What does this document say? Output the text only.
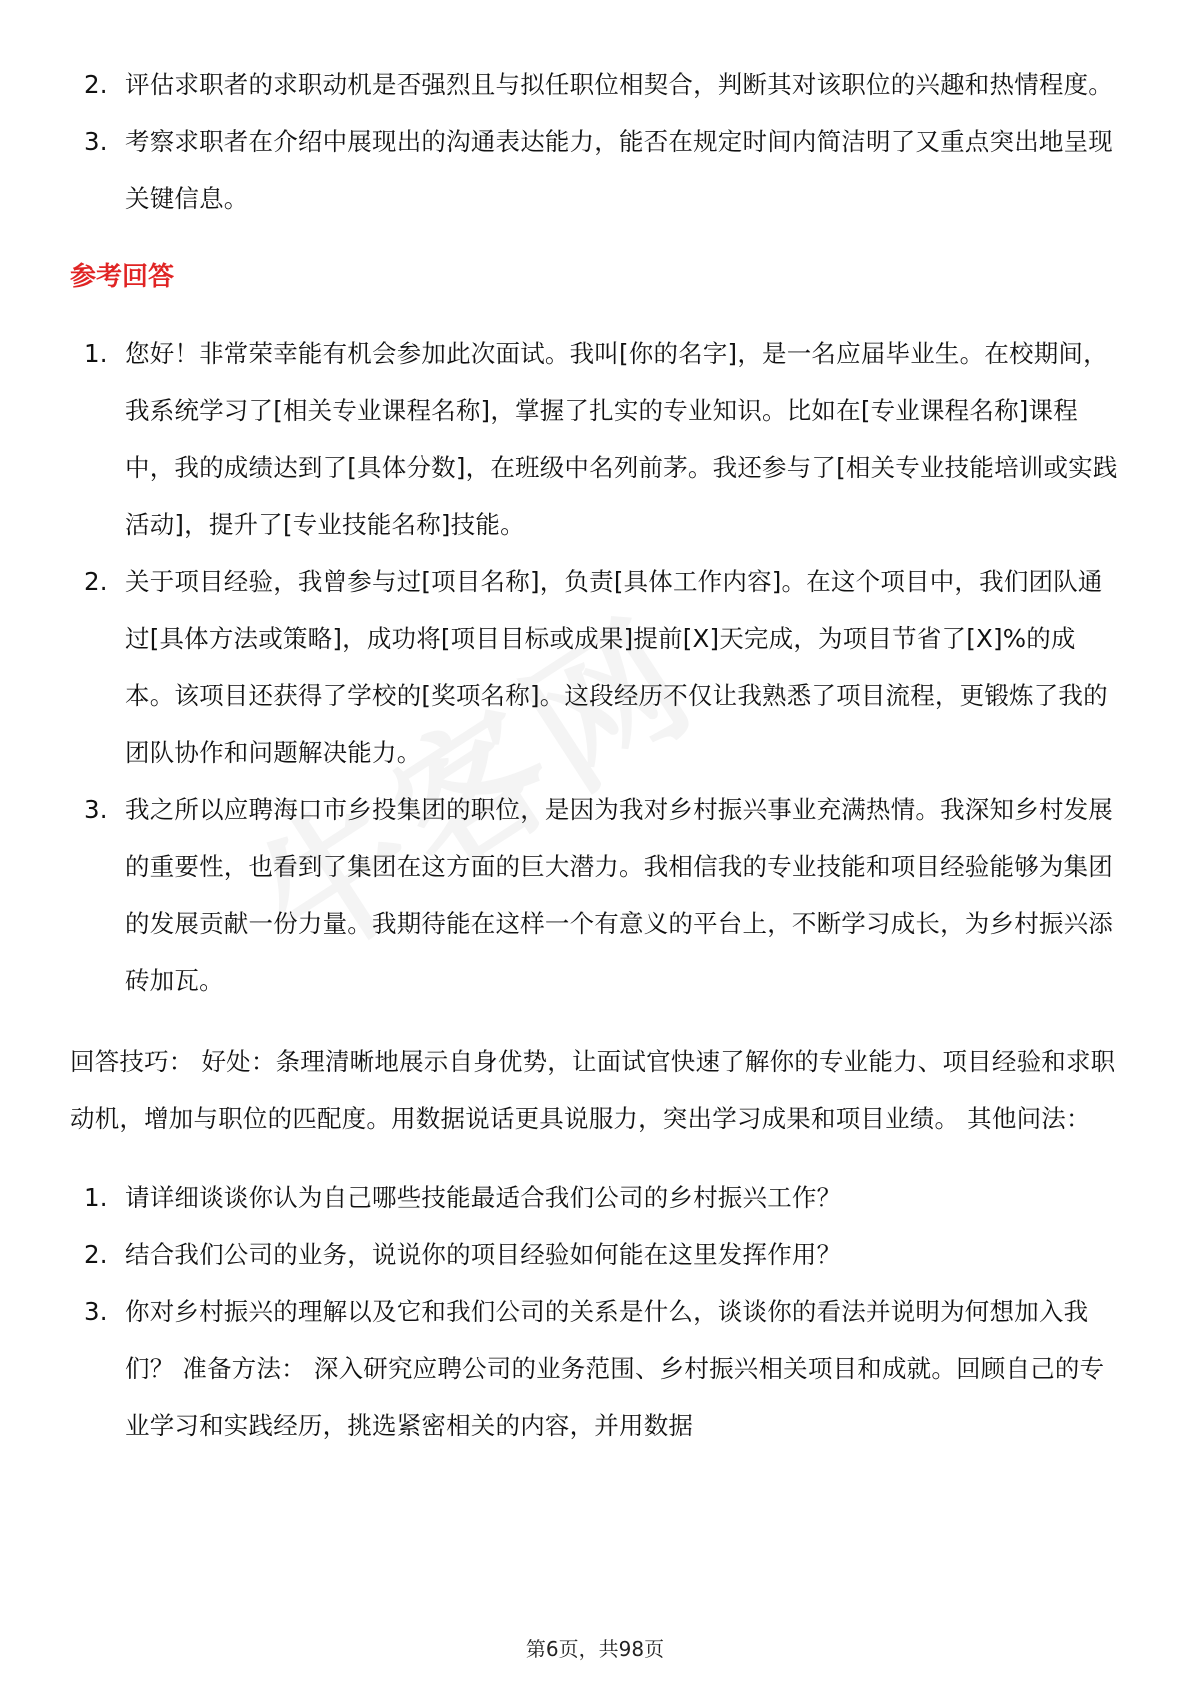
2. 评估求职者的求职动机是否强烈且与拟任职位相契合，判断其对该职位的兴趣和热情程度。
3. 考察求职者在介绍中展现出的沟通表达能力，能否在规定时间内简洁明了又重点突出地呈现关键信息。
参考回答
1. 您好！非常荣幸能有机会参加此次面试。我叫[你的名字]，是一名应届毕业生。在校期间，我系统学习了[相关专业课程名称]，掌握了扎实的专业知识。比如在[专业课程名称]课程中，我的成绩达到了[具体分数]，在班级中名列前茅。我还参与了[相关专业技能培训或实践活动]，提升了[专业技能名称]技能。
2. 关于项目经验，我曾参与过[项目名称]，负责[具体工作内容]。在这个项目中，我们团队通过[具体方法或策略]，成功将[项目目标或成果]提前[X]天完成，为项目节省了[X]%的成本。该项目还获得了学校的[奖项名称]。这段经历不仅让我熟悉了项目流程，更锻炼了我的团队协作和问题解决能力。
3. 我之所以应聘海口市乡投集团的职位，是因为我对乡村振兴事业充满热情。我深知乡村发展的重要性，也看到了集团在这方面的巨大潜力。我相信我的专业技能和项目经验能够为集团的发展贡献一份力量。我期待能在这样一个有意义的平台上，不断学习成长，为乡村振兴添砖加瓦。

回答技巧： 好处：条理清晰地展示自身优势，让面试官快速了解你的专业能力、项目经验和求职动机，增加与职位的匹配度。用数据说话更具说服力，突出学习成果和项目业绩。 其他问法：

1. 请详细谈谈你认为自己哪些技能最适合我们公司的乡村振兴工作？
2. 结合我们公司的业务，说说你的项目经验如何能在这里发挥作用？
3. 你对乡村振兴的理解以及它和我们公司的关系是什么，谈谈你的看法并说明为何想加入我们？ 准备方法： 深入研究应聘公司的业务范围、乡村振兴相关项目和成就。回顾自己的专业学习和实践经历，挑选紧密相关的内容，并用数据
第6页，共98页
